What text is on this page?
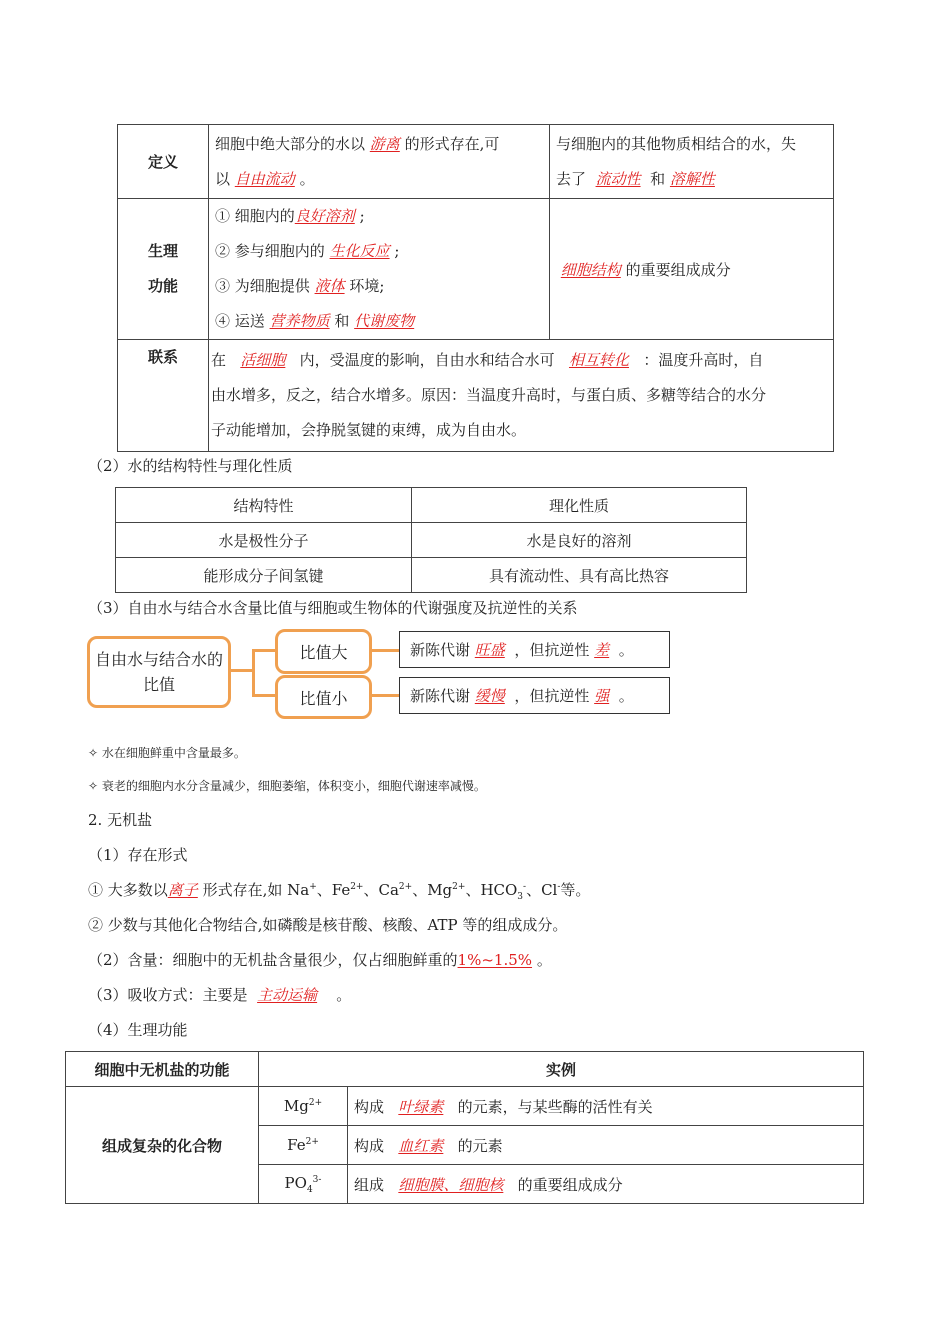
定义	细胞中绝大部分的水以 游离 的形式存在,可
以 自由流动 。	与细胞内的其他物质相结合的水，失
去了 流动性 和 溶解性
生理
功能	① 细胞内的良好溶剂 ;
② 参与细胞内的 生化反应 ;
③ 为细胞提供 液体 环境;
④ 运送 营养物质 和 代谢废物	细胞结构 的重要组成成分
联系	在 活细胞 内，受温度的影响，自由水和结合水可 相互转化 ：温度升高时，自
由水增多，反之，结合水增多。原因：当温度升高时，与蛋白质、多糖等结合的水分
子动能增加，会挣脱氢键的束缚，成为自由水。	
（2）水的结构特性与理化性质
结构特性	理化性质
水是极性分子	水是良好的溶剂
能形成分子间氢键	具有流动性、具有高比热容
（3）自由水与结合水含量比值与细胞或生物体的代谢强度及抗逆性的关系
自由水与结合水的比值
比值大
比值小
新陈代谢
旺盛
，但抗逆性
差
。
新陈代谢
缓慢
，但抗逆性
强
。
✧ 水在细胞鲜重中含量最多。
✧ 衰老的细胞内水分含量减少，细胞萎缩，体积变小，细胞代谢速率减慢。
2. 无机盐
（1）存在形式
① 大多数以离子 形式存在,如 Na+、$Fe^{2+}$、$Ca^{2+}$、$Mg^{2+}$、$HCO_3^-$、Cl-等。
② 少数与其他化合物结合,如磷酸是核苷酸、核酸、ATP 等的组成成分。
（2）含量：细胞中的无机盐含量很少，仅占细胞鲜重的1%~1.5% 。
（3）吸收方式：主要是 主动运输 。
（4）生理功能
细胞中无机盐的功能	实例	
组成复杂的化合物	$Mg^{2+}$	构成 叶绿素 的元素，与某些酶的活性有关
	$Fe^{2+}$	构成 血红素 的元素
	$PO_4^{3-}$	组成 细胞膜、细胞核 的重要组成成分
